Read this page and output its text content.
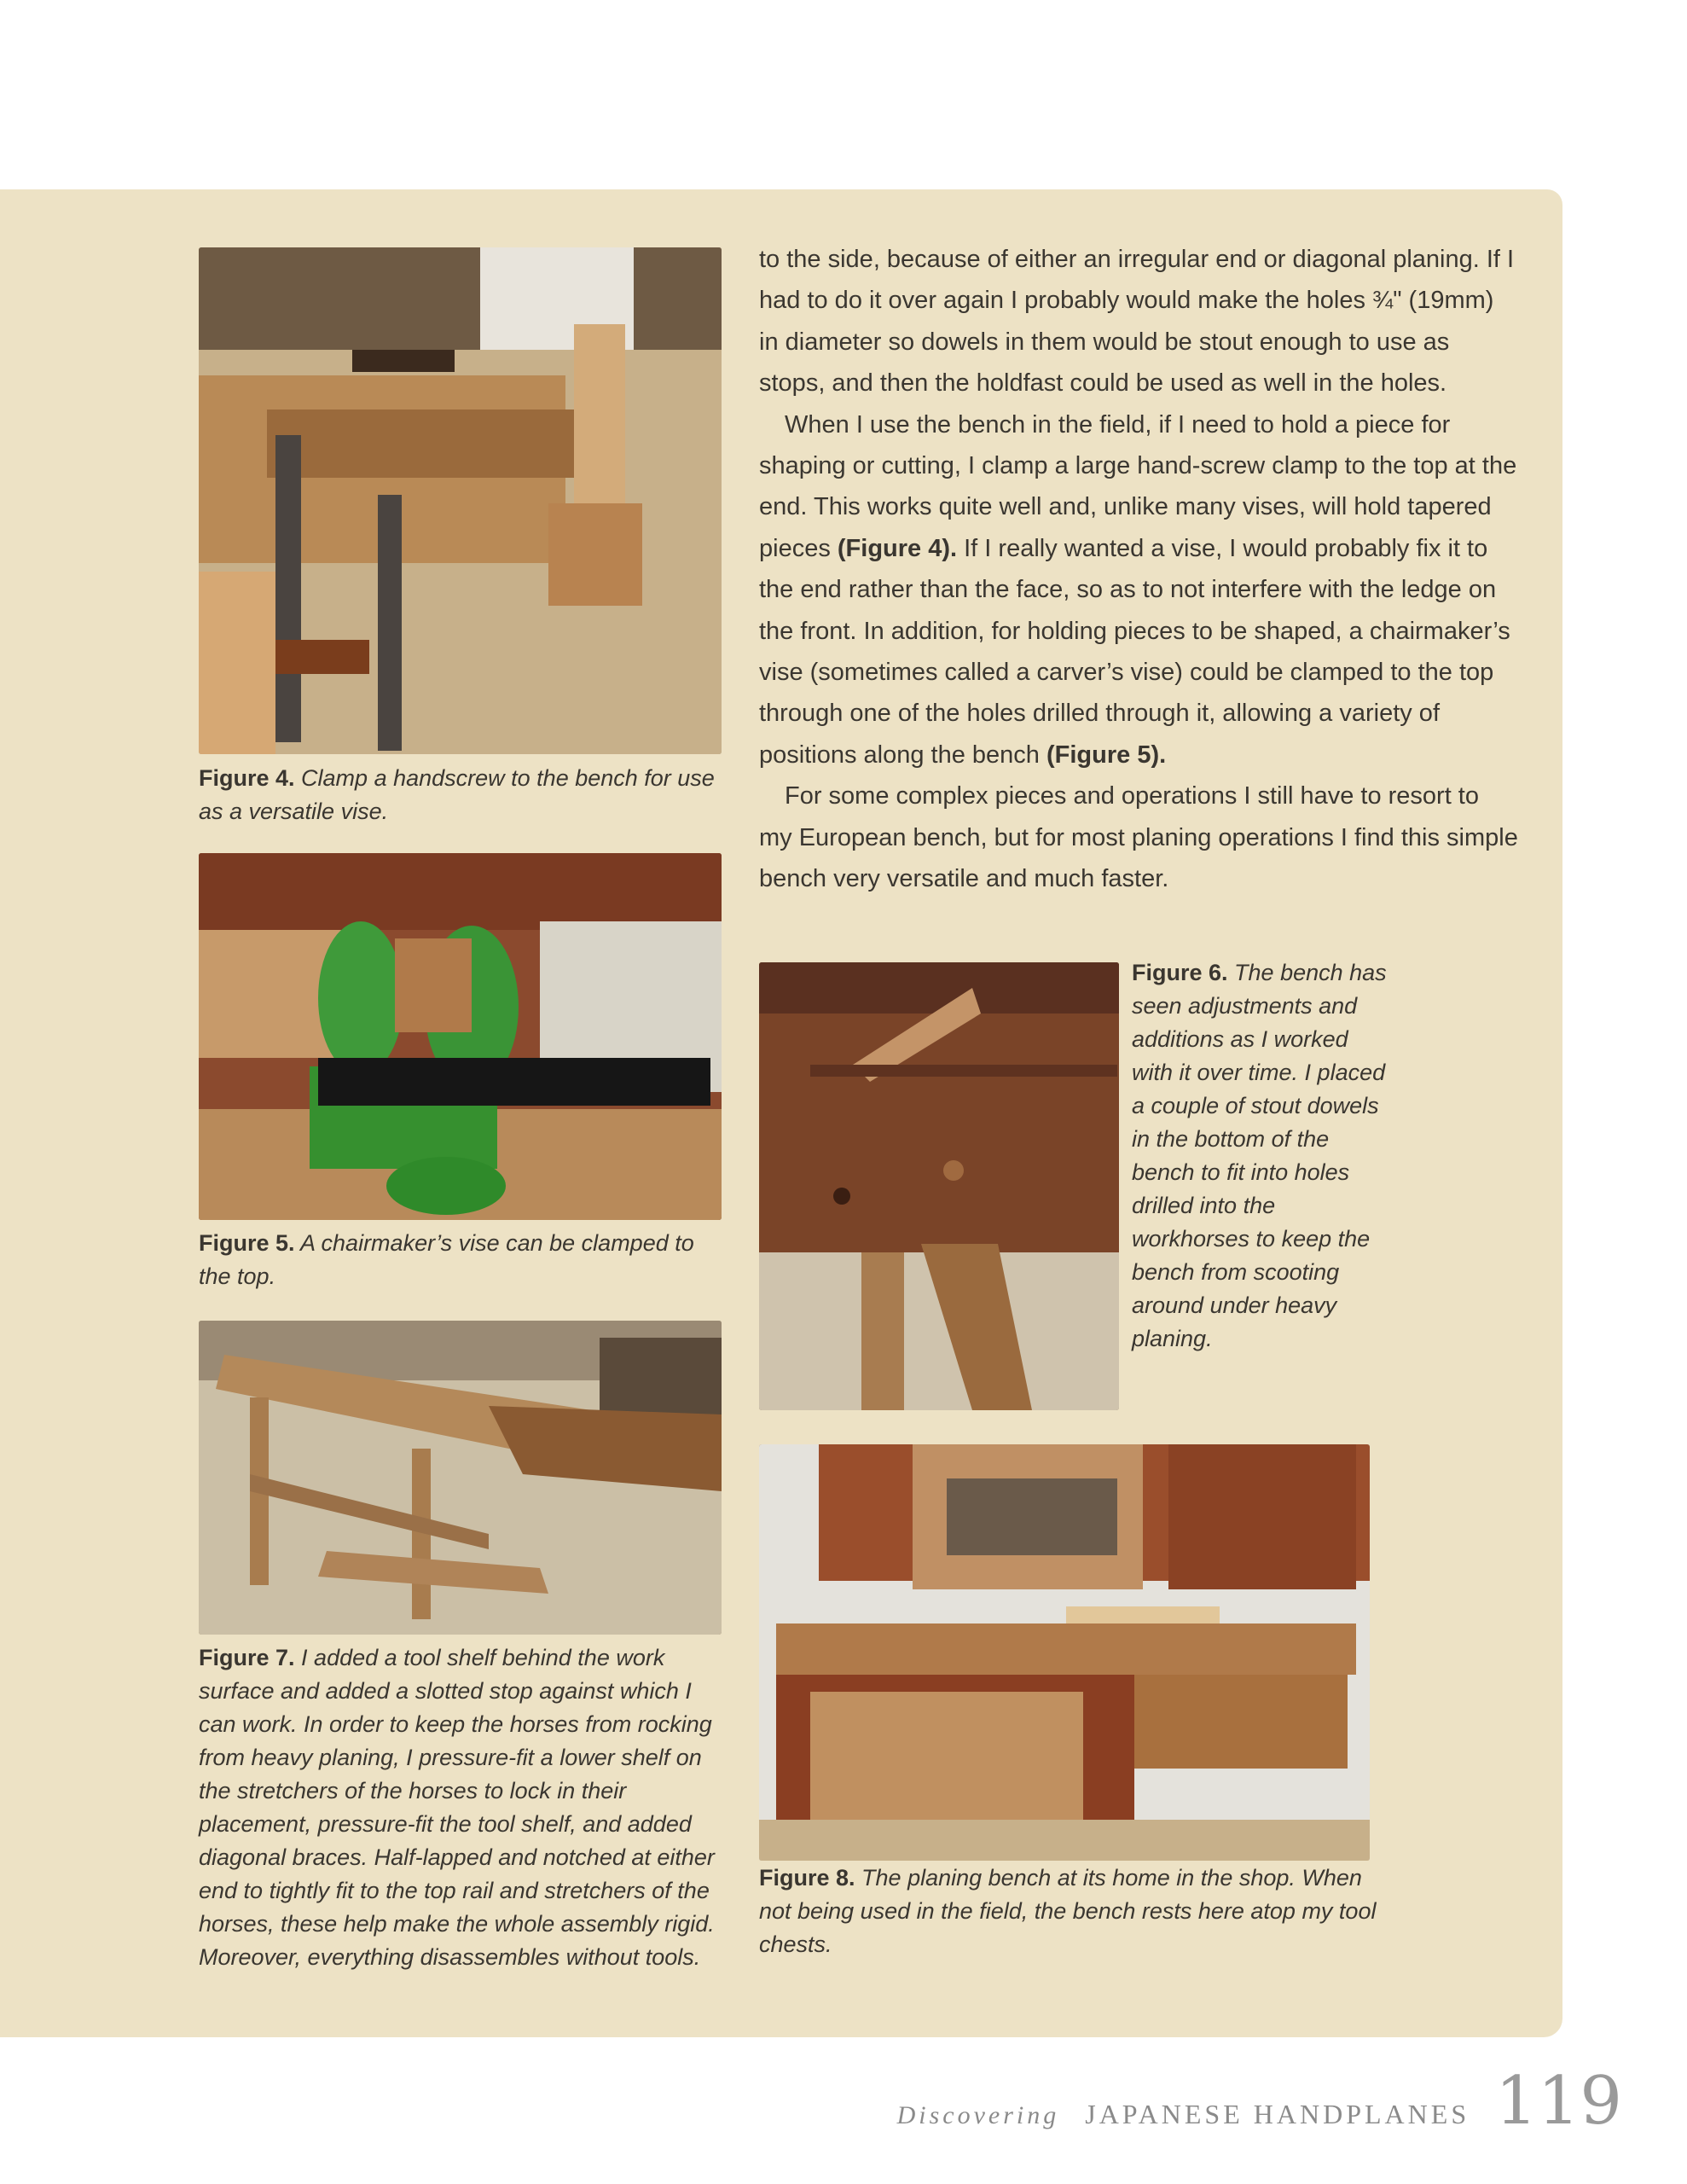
Figure 4. Clamp a handscrew to the bench for use as a versatile vise.

Figure 5. A chairmaker’s vise can be clamped to the top.

Figure 7. I added a tool shelf behind the work surface and added a slotted stop against which I can work. In order to keep the horses from rocking from heavy planing, I pressure-fit a lower shelf on the stretchers of the horses to lock in their placement, pressure-fit the tool shelf, and added diagonal braces. Half-lapped and notched at either end to tightly fit to the top rail and stretchers of the horses, these help make the whole assembly rigid. Moreover, everything disassembles without tools.

to the side, because of either an irregular end or diagonal planing. If I had to do it over again I probably would make the holes ¾" (19mm) in diameter so dowels in them would be stout enough to use as stops, and then the holdfast could be used as well in the holes.

When I use the bench in the field, if I need to hold a piece for shaping or cutting, I clamp a large hand-screw clamp to the top at the end. This works quite well and, unlike many vises, will hold tapered pieces (Figure 4). If I really wanted a vise, I would probably fix it to the end rather than the face, so as to not interfere with the ledge on the front. In addition, for holding pieces to be shaped, a chairmaker’s vise (sometimes called a carver’s vise) could be clamped to the top through one of the holes drilled through it, allowing a variety of positions along the bench (Figure 5).

For some complex pieces and operations I still have to resort to my European bench, but for most planing operations I find this simple bench very versatile and much faster.

Figure 6. The bench has seen adjustments and additions as I worked with it over time. I placed a couple of stout dowels in the bottom of the bench to fit into holes drilled into the workhorses to keep the bench from scooting around under heavy planing.

Figure 8. The planing bench at its home in the shop. When not being used in the field, the bench rests here atop my tool chests.

Discovering JAPANESE HANDPLANES 119
